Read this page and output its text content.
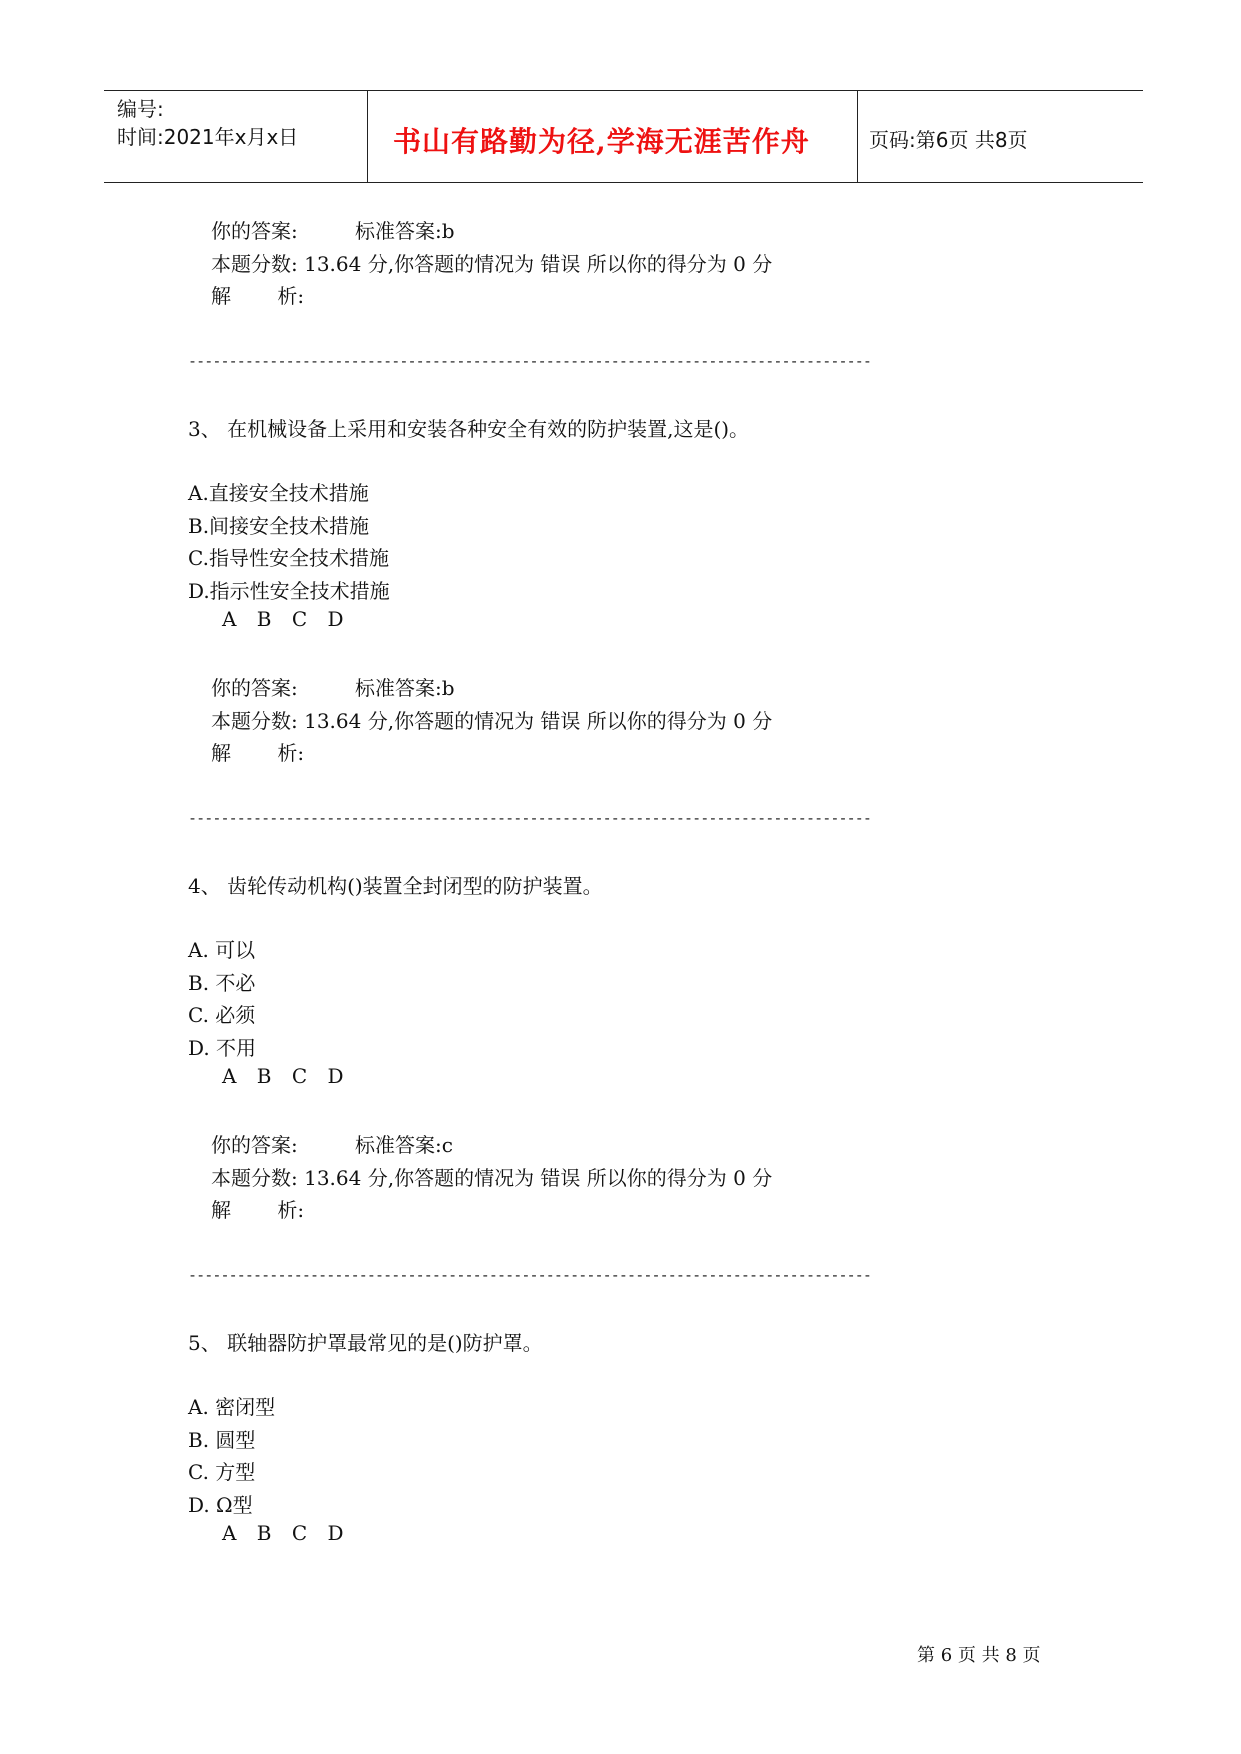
编号:
时间:2021年x月x日	书山有路勤为径,学海无涯苦作舟	页码:第6页 共8页
你的答案:	标准答案:b
本题分数: 13.64 分,你答题的情况为 错误 所以你的得分为 0 分
解 析:
------------------------------------------------------------------------------------
3、 在机械设备上采用和安装各种安全有效的防护装置,这是()。
A.直接安全技术措施
B.间接安全技术措施
C.指导性安全技术措施
D.指示性安全技术措施
A B C D
你的答案:	标准答案:b
本题分数: 13.64 分,你答题的情况为 错误 所以你的得分为 0 分
解 析:
------------------------------------------------------------------------------------
4、 齿轮传动机构()装置全封闭型的防护装置。
A. 可以
B. 不必
C. 必须
D. 不用
A B C D
你的答案:	标准答案:c
本题分数: 13.64 分,你答题的情况为 错误 所以你的得分为 0 分
解 析:
------------------------------------------------------------------------------------
5、 联轴器防护罩最常见的是()防护罩。
A. 密闭型
B. 圆型
C. 方型
D. Ω型
A B C D
第 6 页 共 8 页
